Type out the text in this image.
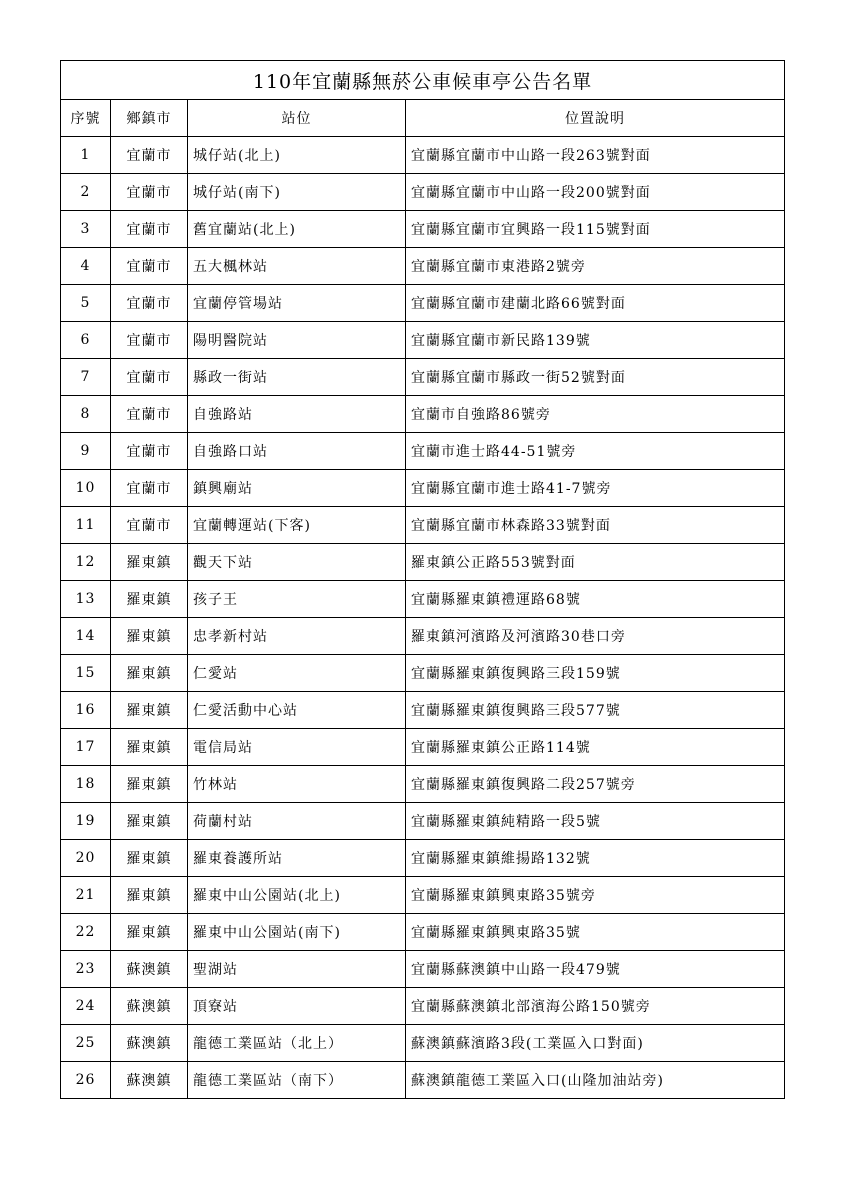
110年宜蘭縣無菸公車候車亭公告名單			
序號	鄉鎮市	站位	位置說明
1	宜蘭市	城仔站(北上)	宜蘭縣宜蘭市中山路一段263號對面
2	宜蘭市	城仔站(南下)	宜蘭縣宜蘭市中山路一段200號對面
3	宜蘭市	舊宜蘭站(北上)	宜蘭縣宜蘭市宜興路一段115號對面
4	宜蘭市	五大楓林站	宜蘭縣宜蘭市東港路2號旁
5	宜蘭市	宜蘭停管場站	宜蘭縣宜蘭市建蘭北路66號對面
6	宜蘭市	陽明醫院站	宜蘭縣宜蘭市新民路139號
7	宜蘭市	縣政一街站	宜蘭縣宜蘭市縣政一街52號對面
8	宜蘭市	自強路站	宜蘭市自強路86號旁
9	宜蘭市	自強路口站	宜蘭市進士路44-51號旁
10	宜蘭市	鎮興廟站	宜蘭縣宜蘭市進士路41-7號旁
11	宜蘭市	宜蘭轉運站(下客)	宜蘭縣宜蘭市林森路33號對面
12	羅東鎮	觀天下站	羅東鎮公正路553號對面
13	羅東鎮	孩子王	宜蘭縣羅東鎮禮運路68號
14	羅東鎮	忠孝新村站	羅東鎮河濱路及河濱路30巷口旁
15	羅東鎮	仁愛站	宜蘭縣羅東鎮復興路三段159號
16	羅東鎮	仁愛活動中心站	宜蘭縣羅東鎮復興路三段577號
17	羅東鎮	電信局站	宜蘭縣羅東鎮公正路114號
18	羅東鎮	竹林站	宜蘭縣羅東鎮復興路二段257號旁
19	羅東鎮	荷蘭村站	宜蘭縣羅東鎮純精路一段5號
20	羅東鎮	羅東養護所站	宜蘭縣羅東鎮維揚路132號
21	羅東鎮	羅東中山公園站(北上)	宜蘭縣羅東鎮興東路35號旁
22	羅東鎮	羅東中山公園站(南下)	宜蘭縣羅東鎮興東路35號
23	蘇澳鎮	聖湖站	宜蘭縣蘇澳鎮中山路一段479號
24	蘇澳鎮	頂寮站	宜蘭縣蘇澳鎮北部濱海公路150號旁
25	蘇澳鎮	龍德工業區站（北上）	蘇澳鎮蘇濱路3段(工業區入口對面)
26	蘇澳鎮	龍德工業區站（南下）	蘇澳鎮龍德工業區入口(山隆加油站旁)
